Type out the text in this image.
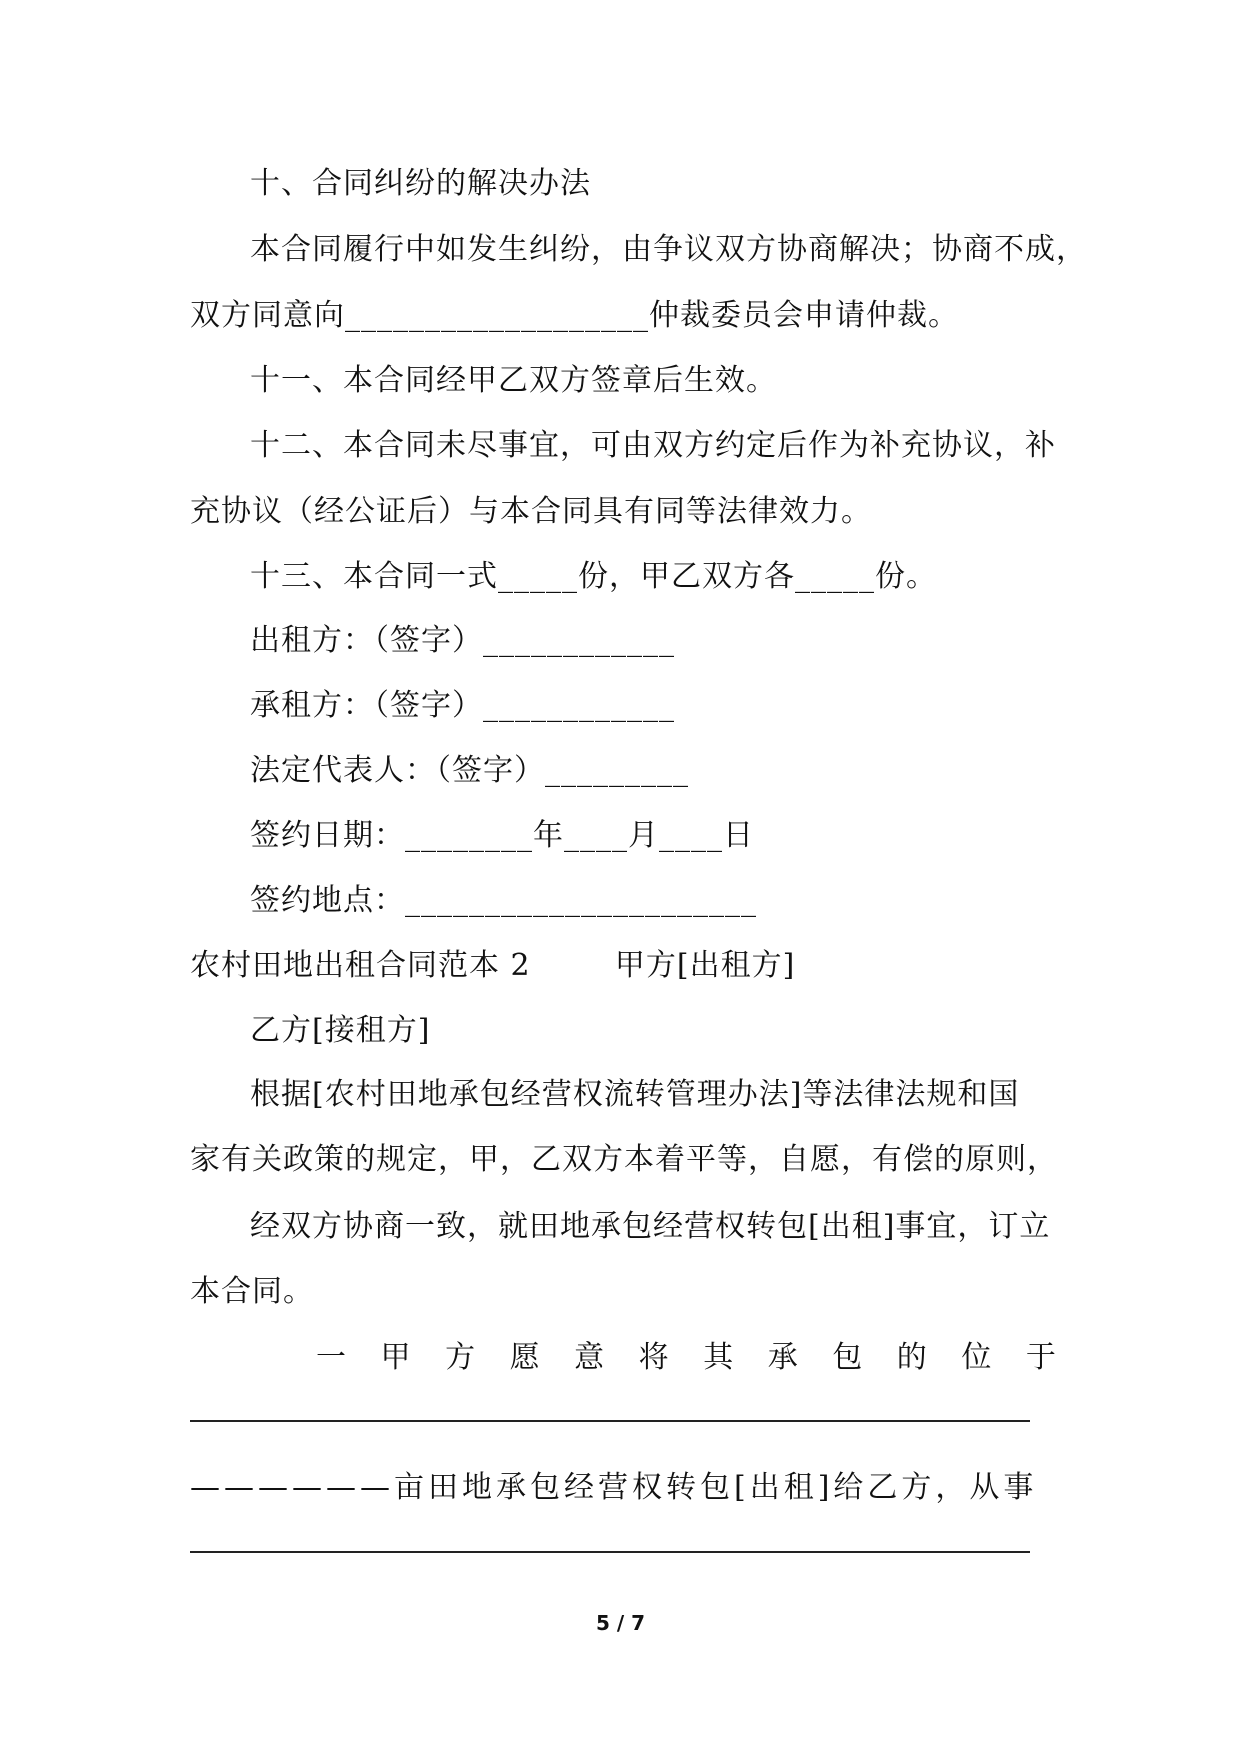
十、合同纠纷的解决办法
本合同履行中如发生纠纷，由争议双方协商解决；协商不成，
双方同意向___________________仲裁委员会申请仲裁。
十一、本合同经甲乙双方签章后生效。
十二、本合同未尽事宜，可由双方约定后作为补充协议，补
充协议（经公证后）与本合同具有同等法律效力。
十三、本合同一式_____份，甲乙双方各_____份。
出租方：（签字）____________
承租方：（签字）____________
法定代表人：（签字）_________
签约日期：________年____月____日
签约地点：______________________
农村田地出租合同范本 2        甲方[出租方]
乙方[接租方]
根据[农村田地承包经营权流转管理办法]等法律法规和国
家有关政策的规定，甲，乙双方本着平等，自愿，有偿的原则，
经双方协商一致，就田地承包经营权转包[出租]事宜，订立
本合同。
一 甲 方 愿 意 将 其 承 包 的 位 于
——————亩田地承包经营权转包[出租]给乙方，从事
5 / 7
